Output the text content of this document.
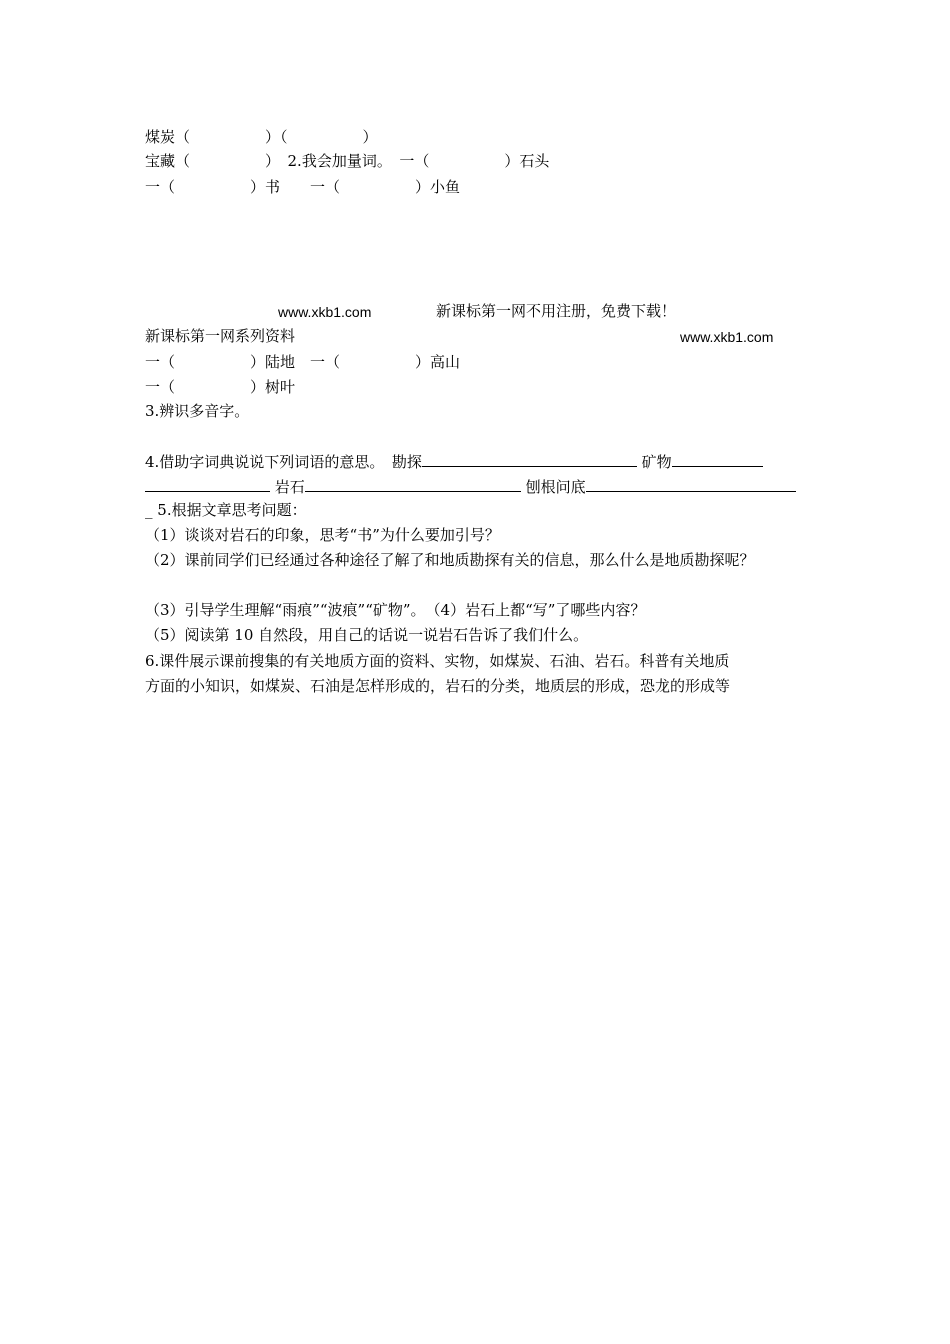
煤炭（　　　　　）（　　　　　）
宝藏（　　　　　）　2.我会加量词。　一（　　　　　）石头
一（　　　　　）书　　一（　　　　　）小鱼
www.xkb1.com	新课标第一网不用注册，免费下载！
新课标第一网系列资料	www.xkb1.com
一（　　　　　）陆地　一（　　　　　）高山
一（　　　　　）树叶
3.辨识多音字。
4.借助字词典说说下列词语的意思。　勘探	矿物
岩石	刨根问底
_ 5.根据文章思考问题：
（1）谈谈对岩石的印象，思考“书”为什么要加引号？
（2）课前同学们已经通过各种途径了解了和地质勘探有关的信息，那么什么是地质勘探呢？
（3）引导学生理解“雨痕”“波痕”“矿物”。　（4）岩石上都“写”了哪些内容？
（5）阅读第 10 自然段，用自己的话说一说岩石告诉了我们什么。
6.课件展示课前搜集的有关地质方面的资料、实物，如煤炭、石油、岩石。科普有关地质
方面的小知识，如煤炭、石油是怎样形成的，岩石的分类，地质层的形成，恐龙的形成等
